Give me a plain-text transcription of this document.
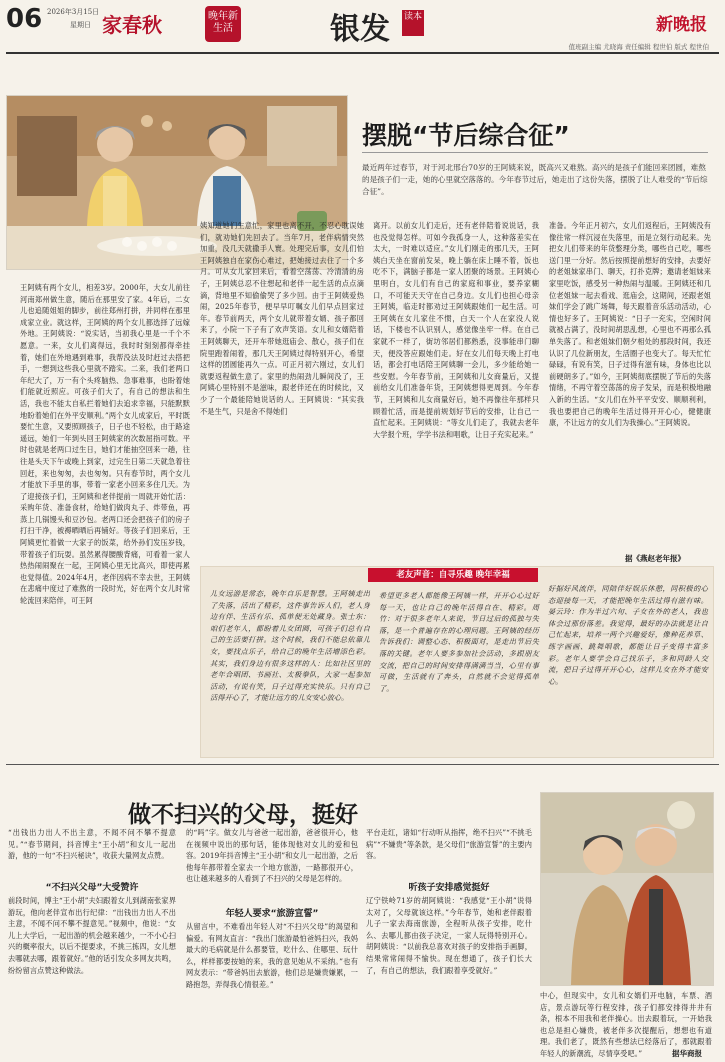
06 2026年3月15日
星期日 家春秋	晚年新生活	银发 读本	新晚报
值班副主编 尤晓海 责任编辑 程世伯 版式 程世伯
摆脱“节后综合征”
最近两年过春节，对于河北邢台70岁的王阿姨来说，既高兴又难熬。高兴的是孩子们能回来团圆，难熬的是孩子们一走，她的心里就空落落的。今年春节过后，她走出了这份失落，摆脱了让人难受的“节后综合征”。
王阿姨有两个女儿，相差3岁。2000年，大女儿前往河南郑州做生意，随后在那里安了家。4年后，二女儿也追随姐姐的脚步，前往郑州打拼，并同样在那里成家立业。就这样，王阿姨的两个女儿都选择了远嫁外地。王阿姨说：“说实话，当初我心里是一千个不愿意。一来，女儿们离得远，我时时刻刻都得牵挂着，她们在外地遇到难事，我帮没法及时赶过去搭把手，一想到这些我心里就不踏实。二来，我们老两口年纪大了，万一有个头疼脑热、急事难事，也盼着她们能就近照应。可孩子们大了，有自己的想法和生活，我也不能太自私拦着她们去追求幸福，只能默默地盼着她们在外平安顺利。”两个女儿成家后，平时既要忙生意，又要照顾孩子，日子也不轻松，由于路途遥远，她们一年到头回王阿姨家的次数屈指可数。平时也就是老两口过生日，她们才能抽空回来一趟，往往是头天下午或晚上到家，过完生日第二天就急着往回赶，来也匆匆，去也匆匆。只有春节时，两个女儿才能放下手里的事，带着一家老小回来多住几天。为了迎接孩子们，王阿姨和老伴提前一周就开始忙活：采购年货、准备食材，给她们做肉丸子、炸带鱼，再蒸上几锅馒头和豆沙包。老两口还会把孩子们的房子打扫干净，被褥晒晒后再铺好。等孩子们回来后，王阿姨更忙着做一大家子的饭菜，给外孙们发压岁钱，带着孩子们玩耍。虽然累得腰酸背痛，可看着一家人热热闹闹聚在一起，王阿姨心里无比高兴，即使再累也觉得值。2024年4月，老伴因病不幸去世，王阿姨在悲痛中度过了难熬的一段时光，好在两个女儿时常轮流回来陪伴，可王阿
姨知道她们生意忙，家里也离不开，不忍心耽误她们，就劝她们先回去了。当年7月，老伴病情突然加重，没几天就撒手人寰。处理完后事，女儿们怕王阿姨独自在家伤心难过，把她接过去住了一个多月。可从女儿家回来后，看着空荡荡、冷清清的房子，王阿姨总忍不住想起和老伴一起生活的点点滴滴，背地里不知偷偷哭了多少回。由于王阿姨爱热闹，2025年春节，便早早叮嘱女儿们早点回家过年。春节前两天，两个女儿就带着女婿、孩子都回来了，小院一下子有了欢声笑语。女儿和女婿陪着王阿姨聊天，还开车带她逛庙会、散心，孩子们在院里跑着闹着，那几天王阿姨过得特别开心，希望这样的团圆能再久一点。可正月初六刚过，女儿们就要返程做生意了。家里的热闹劲儿瞬间没了，王阿姨心里特别不是滋味，跟老伴还在的时候比，又少了一个最能陪她说话的人。王阿姨说：“其实我不是生气，只是舍不得她们
离开。以前女儿们走后，还有老伴陪着说说话，我也没觉得怎样。可如今我孤身一人，这种落差实在太大，一时难以适应。”女儿们刚走的那几天，王阿姨白天坐在窗前发呆，晚上躺在床上睡不着，饭也吃不下，满脑子都是一家人团聚的场景。王阿姨心里明白，女儿们有自己的家庭和事业，要养家糊口，不可能天天守在自己身边。女儿们也担心母亲王阿姨，临走时都劝过王阿姨跟她们一起生活。可王阿姨在女儿家住不惯，白天一个人在家没人说话，下楼也不认识别人，感觉像坐牢一样。在自己家就不一样了，街坊邻居们都熟悉，没事能串门聊天，便没答应跟她们走。好在女儿们每天晚上打电话，都会打电话陪王阿姨聊一会儿，多少能给她一些安慰。今年春节前，王阿姨和儿女商量后，又提前给女儿们准备年货，王阿姨想得更周到。今年春节，王阿姨和儿女商量好后，她不再像往年那样只顾着忙活，而是提前规划好节后的安排，让自己一直忙起来。王阿姨说：“等女儿们走了，我就去老年大学报个班，学学书法和唱歌，让日子充实起来。”
准备。今年正月初六，女儿们返程后，王阿姨没有像往常一样沉浸在失落里，而是立刻行动起来。先把女儿们带来的年货整理分类，哪些自己吃，哪些送门里一分好。然后按照提前想好的安排，去要好的老姐妹家串门、聊天，打扑克牌；邀请老姐妹来家里吃饭，感受另一种热闹与温暖。王阿姨还和几位老姐妹一起去看戏、逛庙会，这期间，还跟老姐妹们学会了跳广场舞，每天跟着音乐活动活动，心情也好多了。王阿姨说：“日子一充实，空闲时间就被占满了，没时间胡思乱想，心里也不再那么孤单失落了。和老姐妹们朝夕相处的那段时间，我还认识了几位新朋友，生活圈子也变大了。每天忙忙碌碌，有说有笑，日子过得有滋有味，身体也比以前硬朗多了。”如今，王阿姨彻底摆脱了节后的失落情绪，不再守着空荡荡的房子发呆，而是积极地融入新的生活。“女儿们在外平平安安、顺顺利利，我也要把自己的晚年生活过得开开心心，健健康康，不让远方的女儿们为我操心。”王阿姨说。
据《燕赵老年报》
老友声音：自寻乐趣 晚年幸福
儿女远游是常态，晚年自乐是智慧。王阿姨走出了失落，活出了精彩，这件事告诉人们，老人身边有伴、生活有乐、孤单便无处藏身。张士东：咱们老年人，都盼着儿女团圆，可孩子们总有自己的生活要打拼。这个时候，我们不能总依靠儿女，要找点乐子，给自己的晚年生活增添色彩。其实，我们身边有很多这样的人：比如社区里的老年合唱团、书画社、太极拳队，大家一起参加活动，有说有笑，日子过得充实快乐。只有自己活得开心了，才能让远方的儿女安心放心。
希望更多老人都能像王阿姨一样，开开心心过好每一天，也让自己的晚年活得自在、精彩。周竹：对于很多老年人来说，节日过后的孤独与失落，是一个普遍存在的心理问题。王阿姨的经历告诉我们：调整心态、积极面对，是走出节后失落的关键。老年人要多参加社会活动，多跟朋友交流，把自己的时间安排得满满当当，心里有事可做，生活就有了奔头，自然就不会觉得孤单了。
好据好风流伴，同陪伴好娱乐休憩，同积极的心态迎接每一天，才能把晚年生活过得有滋有味。晏云玲：作为半过六旬、子女在外的老人，我也体会过那份落差。我觉得，最好的办法就是让自己忙起来，培养一两个兴趣爱好，像种花养草、练字画画、跳舞唱歌，都能让日子变得丰富多彩。老年人要学会自己找乐子，多和同龄人交流，把日子过得开开心心，这样儿女在外才能安心。
做不扫兴的父母，挺好
“出钱出力出人不出主意，不闻不问不攀不提意见。”“春节期间，抖音博主“王小胡”和女儿一起出游，他的一句“不扫兴秘诀”，收获大量网友点赞。
“不扫兴父母”大受赞许
前段时间，博主“王小胡”夫妇跟着女儿到湖南张家界游玩，他向老伴宣布出行纪律：“出钱出力出人不出主意，不闻不问不攀不提意见。”视频中，他说：“女儿上大学后，一起出游的机会越来越少，一不小心扫兴的概率很大，以后不提要求，不挑三拣四，女儿想去哪就去哪，跟着就好。”他的话引发众多网友共鸣，纷纷留言点赞这种做法。
的“吗”字。做女儿与爸爸一起出游，爸爸很开心，他在视频中说出的那句话，能体现他对女儿的爱和包容。2019年抖音博主“王小胡”和女儿一起出游，之后他每年都带着全家去一个地方旅游，一路都很开心，也让越来越多的人看到了不扫兴的父母是怎样的。
年轻人要求“旅游宣誓”
从留言中，不难看出年轻人对“不扫兴父母”的渴望和偏爱。有网友直言：“我出门旅游最怕爸妈扫兴，我妈最大的毛病就是什么都要管，吃什么、住哪里、玩什么，样样都要按她的来，我的意见她从不采纳。”也有网友表示：“带爸妈出去旅游，他们总是嫌贵嫌累，一路抱怨，弄得我心情很差。”
平台走红，诸如“行动听从指挥，绝不扫兴”“不挑毛病”“不嫌贵”等条款，是父母们“旅游宣誓”的主要内容。
听孩子安排感觉挺好
辽宁铁岭71岁的胡阿姨说：“我感觉“王小胡”说得太对了，父母就该这样。”今年春节，她和老伴跟着儿子一家去海南旅游，全程听从孩子安排，吃什么、去哪儿都由孩子决定，一家人玩得特别开心。胡阿姨说：“以前我总喜欢对孩子的安排指手画脚，结果常常闹得不愉快。现在想通了，孩子们长大了，有自己的想法，我们跟着享受就好。”
中心，但现实中，女儿和女婿们开电脑，车票、酒店，景点游玩等行程安排，孩子们都安排得井井有条，根本不用我和老伴操心。出去跟着玩，一开始我也总是担心嫌贵，被老伴多次提醒后，想想也有道理。我们老了，既然有些想法已经落后了，那就跟着年轻人的新潮流，尽情享受吧。”	据华商报
